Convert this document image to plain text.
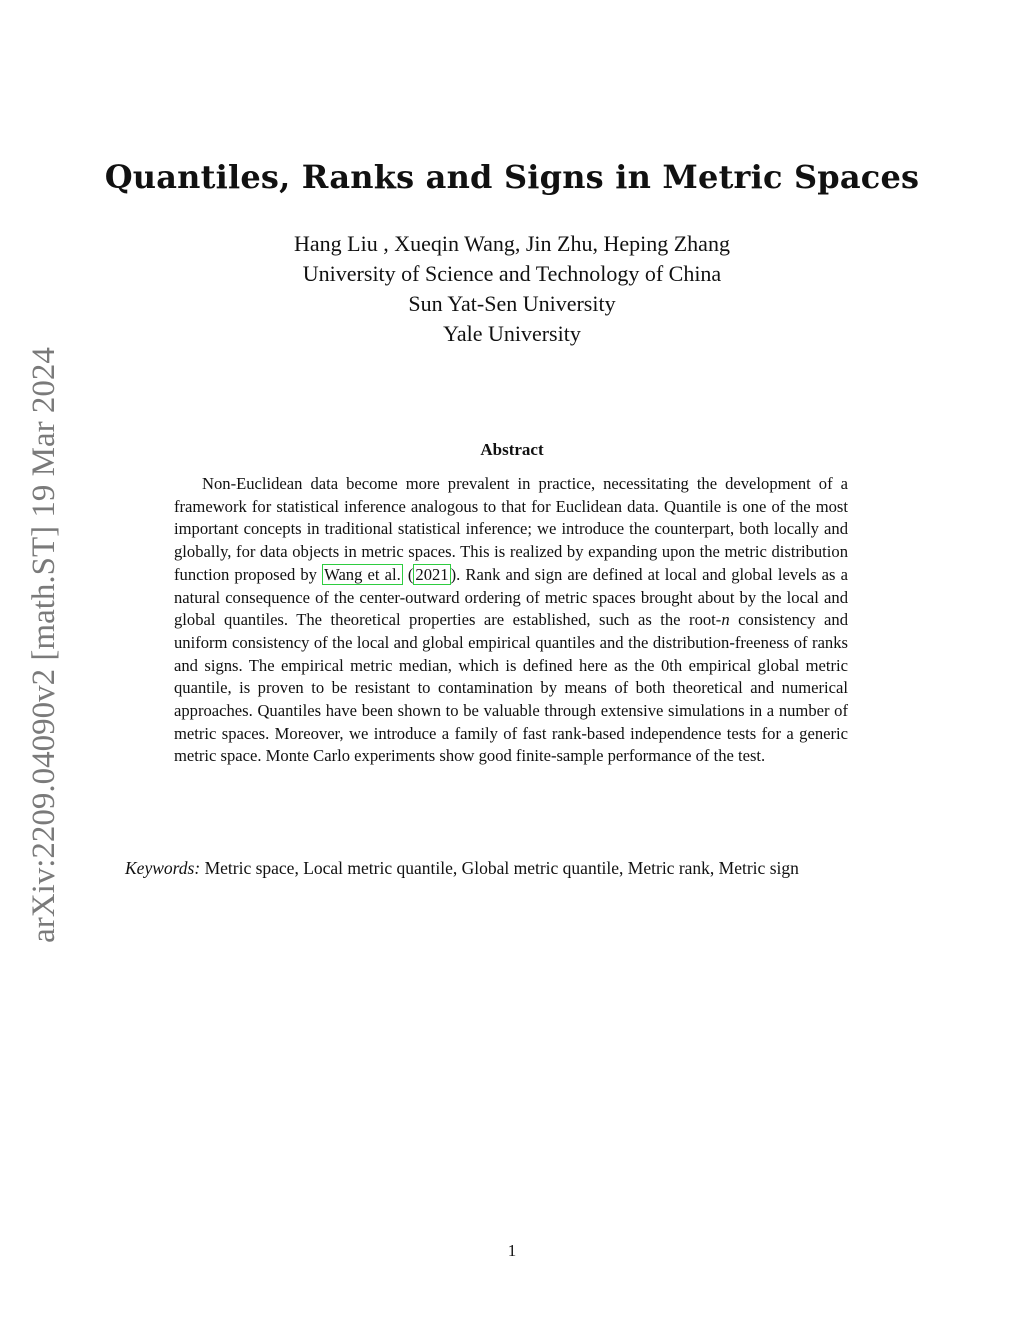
arXiv:2209.04090v2 [math.ST] 19 Mar 2024
Quantiles, Ranks and Signs in Metric Spaces
Hang Liu , Xueqin Wang, Jin Zhu, Heping Zhang
University of Science and Technology of China
Sun Yat-Sen University
Yale University
Abstract
Non-Euclidean data become more prevalent in practice, necessitating the development of a framework for statistical inference analogous to that for Euclidean data. Quantile is one of the most important concepts in traditional statistical inference; we introduce the counterpart, both locally and globally, for data objects in metric spaces. This is realized by expanding upon the metric distribution function proposed by Wang et al. ( 2021 ). Rank and sign are defined at local and global levels as a natural consequence of the center-outward ordering of metric spaces brought about by the local and global quantiles. The theoretical properties are established, such as the root-n consistency and uniform consistency of the local and global empirical quantiles and the distribution-freeness of ranks and signs. The empirical metric median, which is defined here as the 0th empirical global metric quantile, is proven to be resistant to contamination by means of both theoretical and numerical approaches. Quantiles have been shown to be valuable through extensive simulations in a number of metric spaces. Moreover, we introduce a family of fast rank-based independence tests for a generic metric space. Monte Carlo experiments show good finite-sample performance of the test.
Keywords: Metric space, Local metric quantile, Global metric quantile, Metric rank, Metric sign
1
